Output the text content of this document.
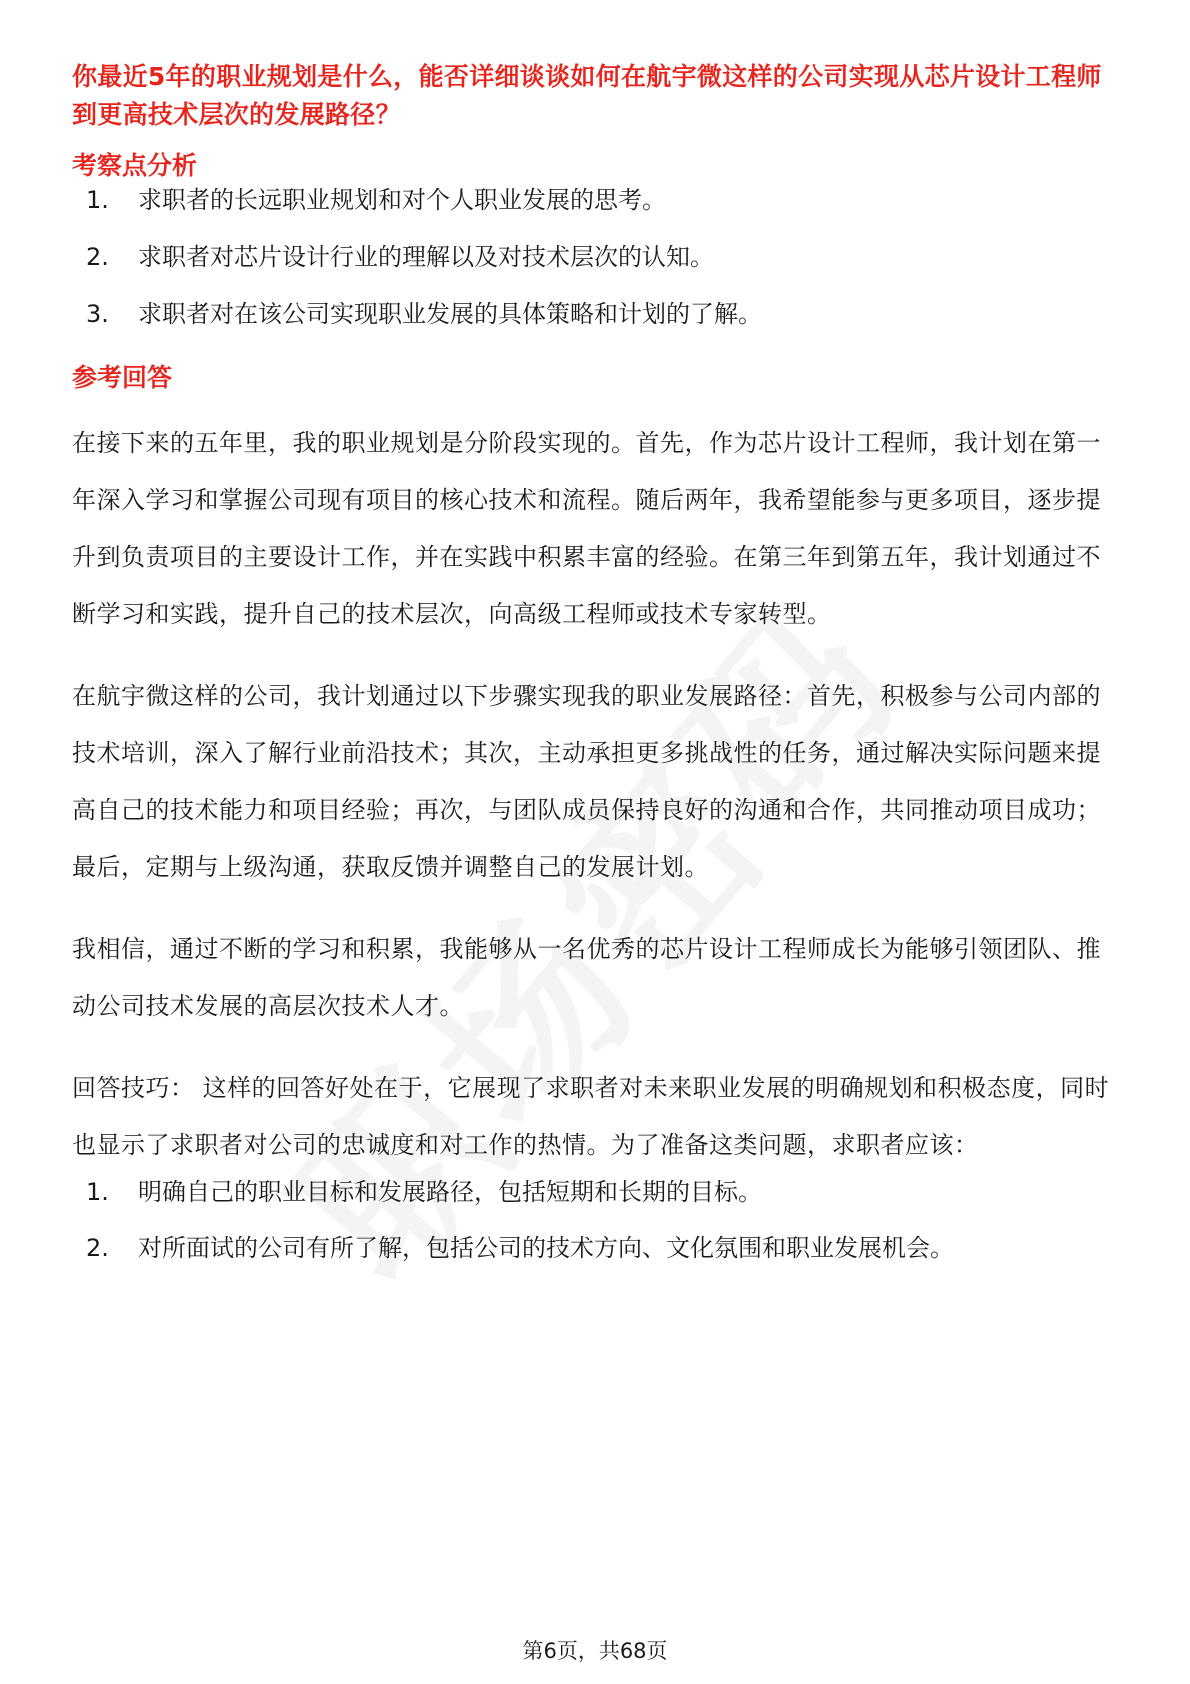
你最近5年的职业规划是什么，能否详细谈谈如何在航宇微这样的公司实现从芯片设计工程师到更高技术层次的发展路径？
考察点分析
1.	求职者的长远职业规划和对个人职业发展的思考。
2.	求职者对芯片设计行业的理解以及对技术层次的认知。
3.	求职者对在该公司实现职业发展的具体策略和计划的了解。
参考回答

在接下来的五年里，我的职业规划是分阶段实现的。首先，作为芯片设计工程师，我计划在第一年深入学习和掌握公司现有项目的核心技术和流程。随后两年，我希望能参与更多项目，逐步提升到负责项目的主要设计工作，并在实践中积累丰富的经验。在第三年到第五年，我计划通过不断学习和实践，提升自己的技术层次，向高级工程师或技术专家转型。

在航宇微这样的公司，我计划通过以下步骤实现我的职业发展路径：首先，积极参与公司内部的技术培训，深入了解行业前沿技术；其次，主动承担更多挑战性的任务，通过解决实际问题来提高自己的技术能力和项目经验；再次，与团队成员保持良好的沟通和合作，共同推动项目成功；最后，定期与上级沟通，获取反馈并调整自己的发展计划。

我相信，通过不断的学习和积累，我能够从一名优秀的芯片设计工程师成长为能够引领团队、推动公司技术发展的高层次技术人才。

回答技巧： 这样的回答好处在于，它展现了求职者对未来职业发展的明确规划和积极态度，同时也显示了求职者对公司的忠诚度和对工作的热情。为了准备这类问题，求职者应该：

1.	明确自己的职业目标和发展路径，包括短期和长期的目标。
2.	对所面试的公司有所了解，包括公司的技术方向、文化氛围和职业发展机会。
第6页，共68页
